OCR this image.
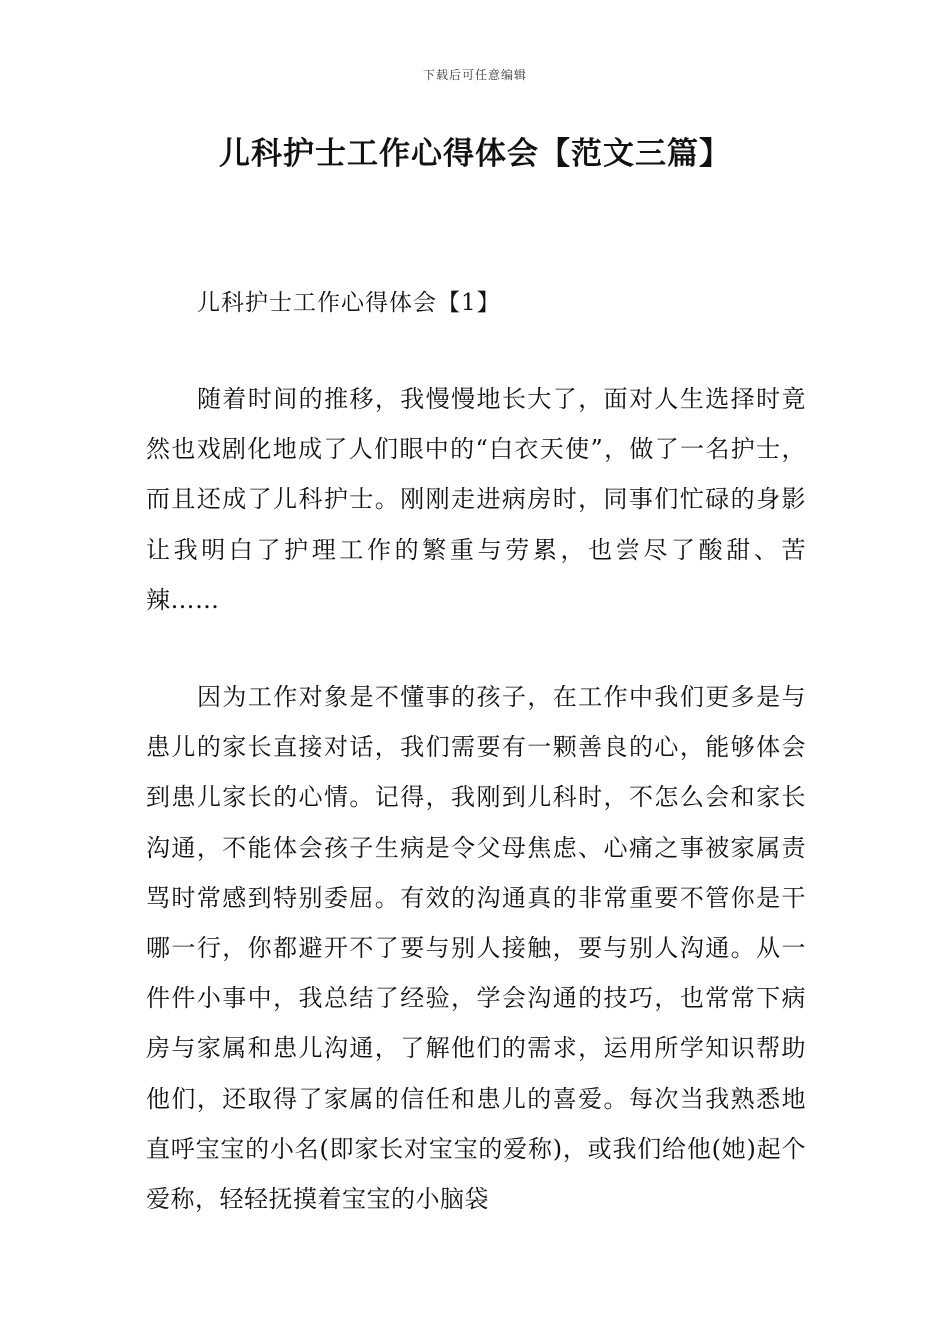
下载后可任意编辑
儿科护士工作心得体会【范文三篇】
儿科护士工作心得体会【1】

随着时间的推移，我慢慢地长大了，面对人生选择时竟然也戏剧化地成了人们眼中的“白衣天使”，做了一名护士，而且还成了儿科护士。刚刚走进病房时，同事们忙碌的身影让我明白了护理工作的繁重与劳累，也尝尽了酸甜、苦辣……

因为工作对象是不懂事的孩子，在工作中我们更多是与患儿的家长直接对话，我们需要有一颗善良的心，能够体会到患儿家长的心情。记得，我刚到儿科时，不怎么会和家长沟通，不能体会孩子生病是令父母焦虑、心痛之事被家属责骂时常感到特别委屈。有效的沟通真的非常重要不管你是干哪一行，你都避开不了要与别人接触，要与别人沟通。从一件件小事中，我总结了经验，学会沟通的技巧，也常常下病房与家属和患儿沟通，了解他们的需求，运用所学知识帮助他们，还取得了家属的信任和患儿的喜爱。每次当我熟悉地直呼宝宝的小名(即家长对宝宝的爱称)，或我们给他(她)起个爱称，轻轻抚摸着宝宝的小脑袋
